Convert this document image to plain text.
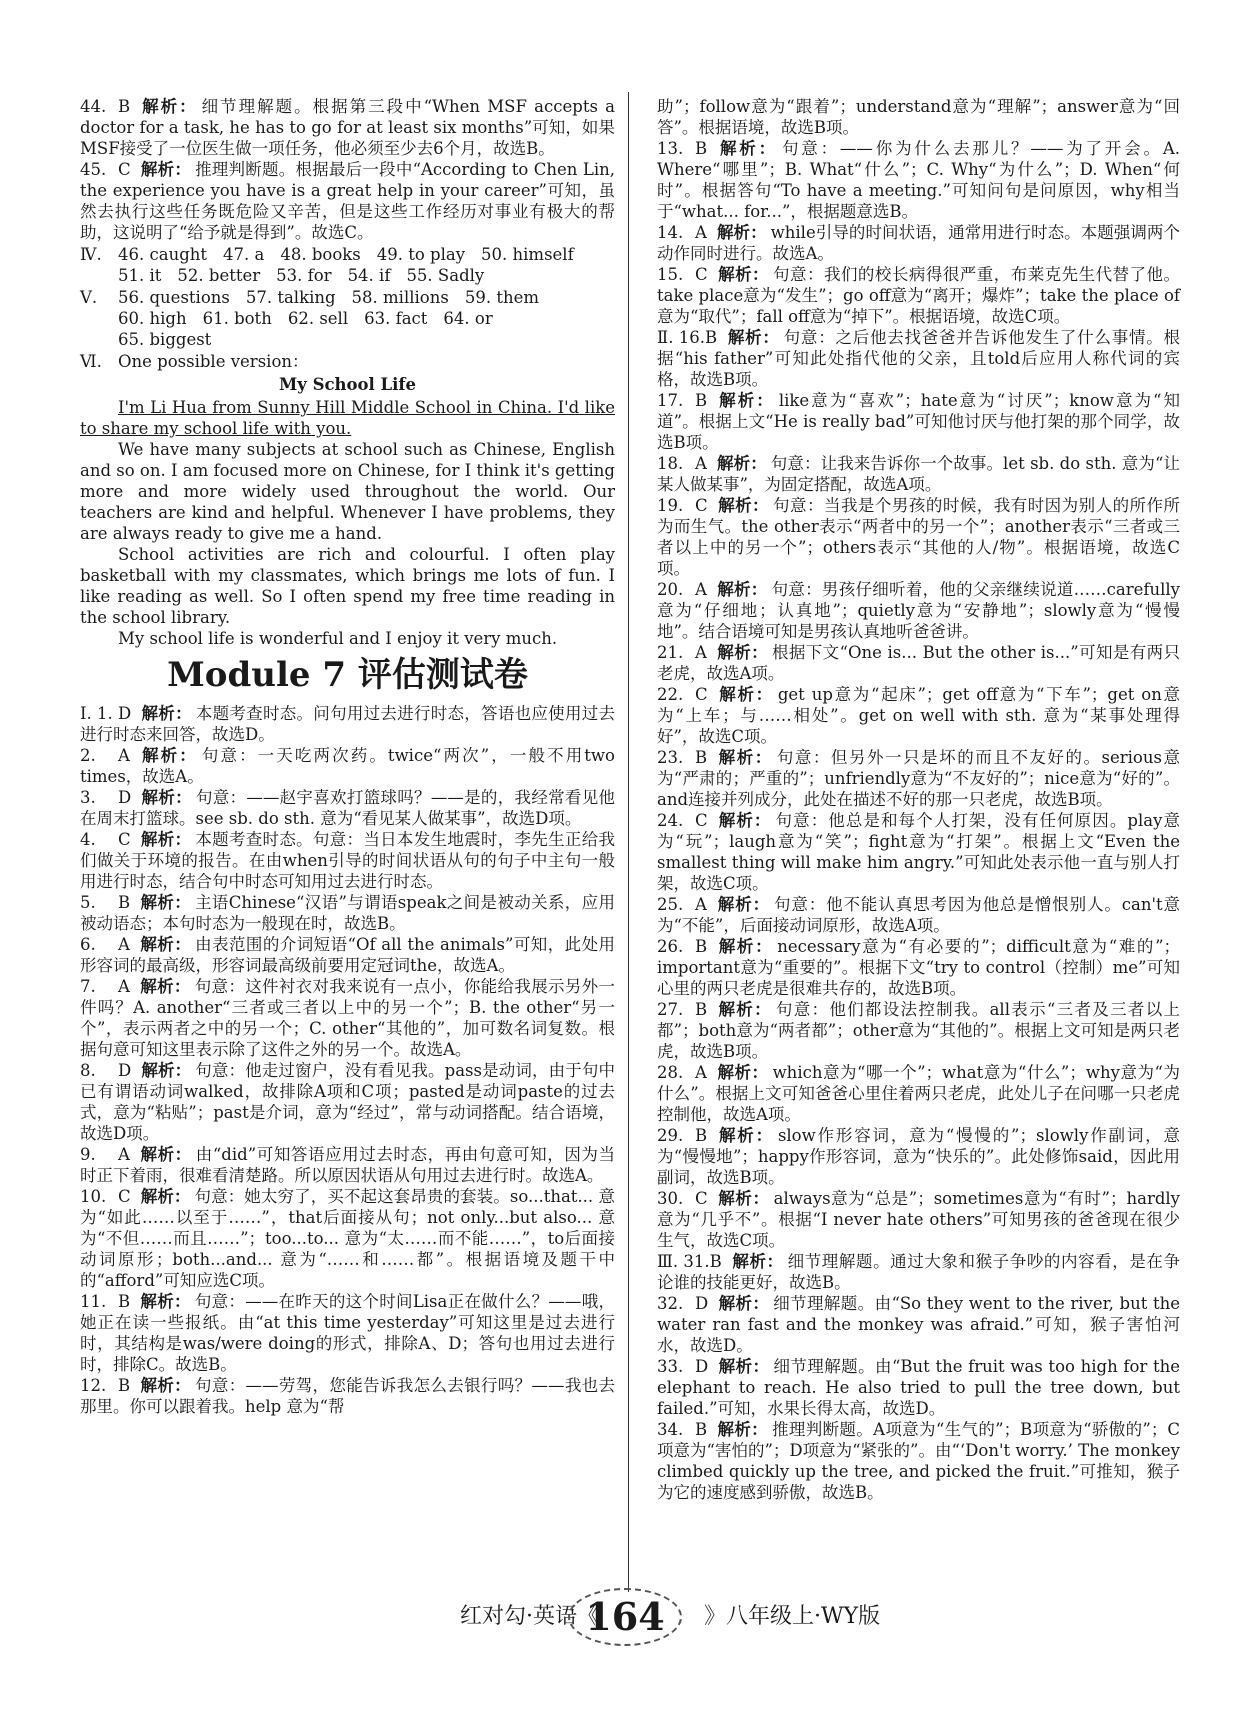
44. B 解析： 细节理解题。根据第三段中“When MSF accepts a doctor for a task, he has to go for at least six months”可知，如果MSF接受了一位医生做一项任务，他必须至少去6个月，故选B。
45. C 解析： 推理判断题。根据最后一段中“According to Chen Lin, the experience you have is a great help in your career”可知，虽然去执行这些任务既危险又辛苦，但是这些工作经历对事业有极大的帮助，这说明了“给予就是得到”。故选C。
Ⅳ. 46. caught 47. a 48. books 49. to play 50. himself
51. it 52. better 53. for 54. if 55. Sadly
Ⅴ. 56. questions 57. talking 58. millions 59. them
60. high 61. both 62. sell 63. fact 64. or
65. biggest
Ⅵ. One possible version：
My School Life
I'm Li Hua from Sunny Hill Middle School in China. I'd like to share my school life with you.
We have many subjects at school such as Chinese, English and so on. I am focused more on Chinese, for I think it's getting more and more widely used throughout the world. Our teachers are kind and helpful. Whenever I have problems, they are always ready to give me a hand.
School activities are rich and colourful. I often play basketball with my classmates, which brings me lots of fun. I like reading as well. So I often spend my free time reading in the school library.
My school life is wonderful and I enjoy it very much.
Module 7 评估测试卷
Ⅰ. 1. D 解析： 本题考查时态。问句用过去进行时态，答语也应使用过去进行时态来回答，故选D。
2. A 解析： 句意：一天吃两次药。twice“两次”，一般不用two times，故选A。
3. D 解析： 句意：——赵宇喜欢打篮球吗？——是的，我经常看见他在周末打篮球。see sb. do sth. 意为“看见某人做某事”，故选D项。
4. C 解析： 本题考查时态。句意：当日本发生地震时，李先生正给我们做关于环境的报告。在由when引导的时间状语从句的句子中主句一般用进行时态，结合句中时态可知用过去进行时态。
5. B 解析： 主语Chinese“汉语”与谓语speak之间是被动关系，应用被动语态；本句时态为一般现在时，故选B。
6. A 解析： 由表范围的介词短语“Of all the animals”可知，此处用形容词的最高级，形容词最高级前要用定冠词the，故选A。
7. A 解析： 句意：这件衬衣对我来说有一点小，你能给我展示另外一件吗？A. another“三者或三者以上中的另一个”；B. the other“另一个”，表示两者之中的另一个；C. other“其他的”，加可数名词复数。根据句意可知这里表示除了这件之外的另一个。故选A。
8. D 解析： 句意：他走过窗户，没有看见我。pass是动词，由于句中已有谓语动词walked，故排除A项和C项；pasted是动词paste的过去式，意为“粘贴”；past是介词，意为“经过”，常与动词搭配。结合语境，故选D项。
9. A 解析： 由“did”可知答语应用过去时态，再由句意可知，因为当时正下着雨，很难看清楚路。所以原因状语从句用过去进行时。故选A。
10. C 解析： 句意：她太穷了，买不起这套昂贵的套装。so...that... 意为“如此……以至于……”，that后面接从句；not only...but also... 意为“不但……而且……”；too...to... 意为“太……而不能……”，to后面接动词原形；both...and... 意为“……和……都”。根据语境及题干中的“afford”可知应选C项。
11. B 解析： 句意：——在昨天的这个时间Lisa正在做什么？——哦，她正在读一些报纸。由“at this time yesterday”可知这里是过去进行时，其结构是was/were doing的形式，排除A、D；答句也用过去进行时，排除C。故选B。
12. B 解析： 句意：——劳驾，您能告诉我怎么去银行吗？——我也去那里。你可以跟着我。help 意为“帮
助”；follow意为“跟着”；understand意为“理解”；answer意为“回答”。根据语境，故选B项。
13. B 解析： 句意：——你为什么去那儿？——为了开会。A. Where“哪里”；B. What“什么”；C. Why“为什么”；D. When“何时”。根据答句“To have a meeting.”可知问句是问原因，why相当于“what... for...”，根据题意选B。
14. A 解析： while引导的时间状语，通常用进行时态。本题强调两个动作同时进行。故选A。
15. C 解析： 句意：我们的校长病得很严重，布莱克先生代替了他。take place意为“发生”；go off意为“离开；爆炸”；take the place of意为“取代”；fall off意为“掉下”。根据语境，故选C项。
Ⅱ. 16.B 解析： 句意：之后他去找爸爸并告诉他发生了什么事情。根据“his father”可知此处指代他的父亲，且told后应用人称代词的宾格，故选B项。
17. B 解析： like意为“喜欢”；hate意为“讨厌”；know意为“知道”。根据上文“He is really bad”可知他讨厌与他打架的那个同学，故选B项。
18. A 解析： 句意：让我来告诉你一个故事。let sb. do sth. 意为“让某人做某事”，为固定搭配，故选A项。
19. C 解析： 句意：当我是个男孩的时候，我有时因为别人的所作所为而生气。the other表示“两者中的另一个”；another表示“三者或三者以上中的另一个”；others表示“其他的人/物”。根据语境，故选C项。
20. A 解析： 句意：男孩仔细听着，他的父亲继续说道……carefully意为“仔细地；认真地”；quietly意为“安静地”；slowly意为“慢慢地”。结合语境可知是男孩认真地听爸爸讲。
21. A 解析： 根据下文“One is... But the other is...”可知是有两只老虎，故选A项。
22. C 解析： get up意为“起床”；get off意为“下车”；get on意为“上车；与……相处”。get on well with sth. 意为“某事处理得好”，故选C项。
23. B 解析： 句意：但另外一只是坏的而且不友好的。serious意为“严肃的；严重的”；unfriendly意为“不友好的”；nice意为“好的”。and连接并列成分，此处在描述不好的那一只老虎，故选B项。
24. C 解析： 句意：他总是和每个人打架，没有任何原因。play意为“玩”；laugh意为“笑”；fight意为“打架”。根据上文“Even the smallest thing will make him angry.”可知此处表示他一直与别人打架，故选C项。
25. A 解析： 句意：他不能认真思考因为他总是憎恨别人。can't意为“不能”，后面接动词原形，故选A项。
26. B 解析： necessary意为“有必要的”；difficult意为“难的”；important意为“重要的”。根据下文“try to control（控制）me”可知心里的两只老虎是很难共存的，故选B项。
27. B 解析： 句意：他们都设法控制我。all表示“三者及三者以上都”；both意为“两者都”；other意为“其他的”。根据上文可知是两只老虎，故选B项。
28. A 解析： which意为“哪一个”；what意为“什么”；why意为“为什么”。根据上文可知爸爸心里住着两只老虎，此处儿子在问哪一只老虎控制他，故选A项。
29. B 解析： slow作形容词，意为“慢慢的”；slowly作副词，意为“慢慢地”；happy作形容词，意为“快乐的”。此处修饰said，因此用副词，故选B项。
30. C 解析： always意为“总是”；sometimes意为“有时”；hardly意为“几乎不”。根据“I never hate others”可知男孩的爸爸现在很少生气，故选C项。
Ⅲ. 31.B 解析： 细节理解题。通过大象和猴子争吵的内容看，是在争论谁的技能更好，故选B。
32. D 解析： 细节理解题。由“So they went to the river, but the water ran fast and the monkey was afraid.”可知，猴子害怕河水，故选D。
33. D 解析： 细节理解题。由“But the fruit was too high for the elephant to reach. He also tried to pull the tree down, but failed.”可知，水果长得太高，故选D。
34. B 解析： 推理判断题。A项意为“生气的”；B项意为“骄傲的”；C项意为“害怕的”；D项意为“紧张的”。由“‘Don't worry.’ The monkey climbed quickly up the tree, and picked the fruit.”可推知，猴子为它的速度感到骄傲，故选B。
红对勾·英语《
164	》八年级上·WY版
